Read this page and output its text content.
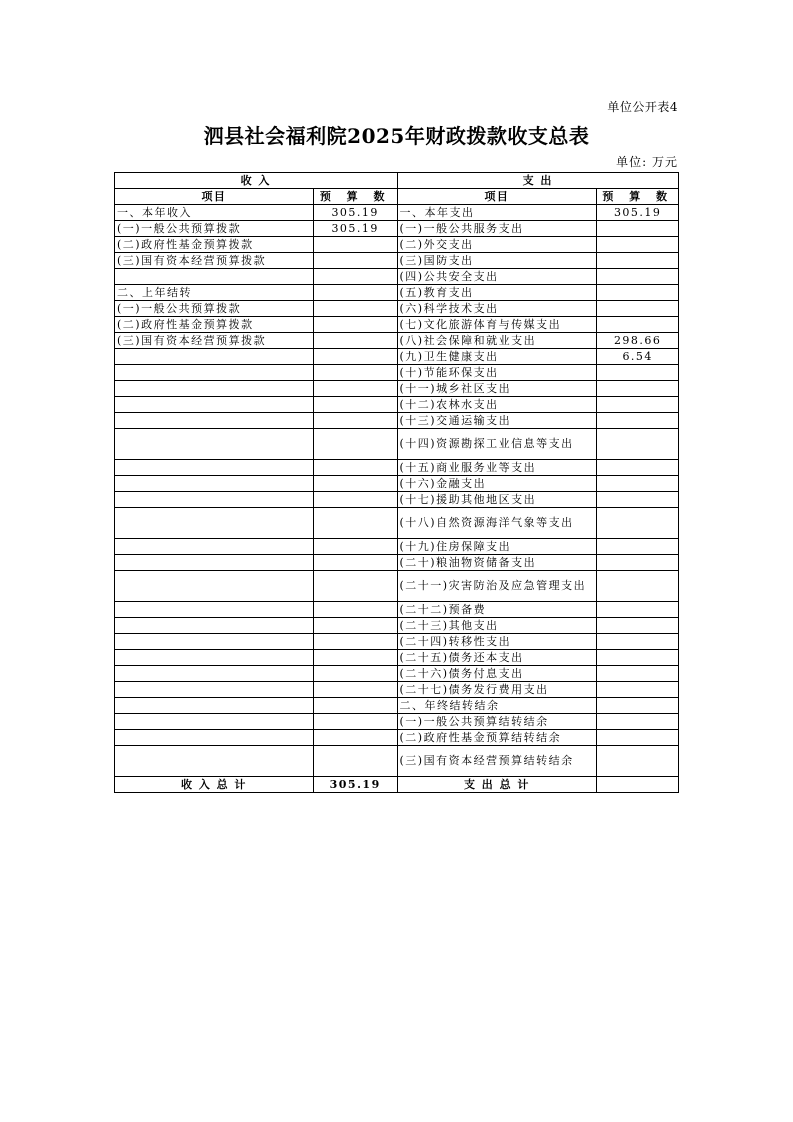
单位公开表4
泗县社会福利院2025年财政拨款收支总表
单位: 万元
收 入		支 出	
项目	预 算 数	项目	预 算 数
一、本年收入	305.19	一、本年支出	305.19
(一)一般公共预算拨款	305.19	(一)一般公共服务支出	
(二)政府性基金预算拨款		(二)外交支出	
(三)国有资本经营预算拨款		(三)国防支出	
		(四)公共安全支出	
二、上年结转		(五)教育支出	
(一)一般公共预算拨款		(六)科学技术支出	
(二)政府性基金预算拨款		(七)文化旅游体育与传媒支出	
(三)国有资本经营预算拨款		(八)社会保障和就业支出	298.66
		(九)卫生健康支出	6.54
		(十)节能环保支出	
		(十一)城乡社区支出	
		(十二)农林水支出	
		(十三)交通运输支出	
		(十四)资源勘探工业信息等支出	
		(十五)商业服务业等支出	
		(十六)金融支出	
		(十七)援助其他地区支出	
		(十八)自然资源海洋气象等支出	
		(十九)住房保障支出	
		(二十)粮油物资储备支出	
		(二十一)灾害防治及应急管理支出	
		(二十二)预备费	
		(二十三)其他支出	
		(二十四)转移性支出	
		(二十五)债务还本支出	
		(二十六)债务付息支出	
		(二十七)债务发行费用支出	
		二、年终结转结余	
		(一)一般公共预算结转结余	
		(二)政府性基金预算结转结余	
		(三)国有资本经营预算结转结余	
收 入 总 计	305.19	支 出 总 计	
